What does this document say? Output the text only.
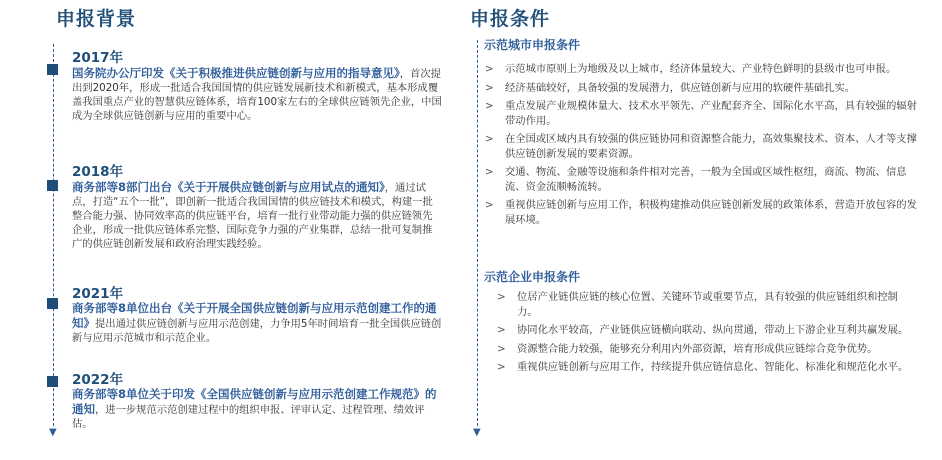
申报背景	申报条件
▼	▼
2017年
国务院办公厅印发《关于积极推进供应链创新与应用的指导意见》，首次提出到2020年，形成一批适合我国国情的供应链发展新技术和新模式，基本形成覆盖我国重点产业的智慧供应链体系，培育100家左右的全球供应链领先企业，中国成为全球供应链创新与应用的重要中心。
2018年
商务部等8部门出台《关于开展供应链创新与应用试点的通知》，通过试点，打造“五个一批”，即创新一批适合我国国情的供应链技术和模式，构建一批整合能力强、协同效率高的供应链平台，培育一批行业带动能力强的供应链领先企业，形成一批供应链体系完整、国际竞争力强的产业集群，总结一批可复制推广的供应链创新发展和政府治理实践经验。
2021年
商务部等8单位出台《关于开展全国供应链创新与应用示范创建工作的通知》提出通过供应链创新与应用示范创建，力争用5年时间培育一批全国供应链创新与应用示范城市和示范企业。
2022年
商务部等8单位关于印发《全国供应链创新与应用示范创建工作规范》的通知，进一步规范示范创建过程中的组织申报、评审认定、过程管理、绩效评估。
示范城市申报条件
> 示范城市原则上为地级及以上城市，经济体量较大、产业特色鲜明的县级市也可申报。
> 经济基础较好，具备较强的发展潜力，供应链创新与应用的软硬件基础扎实。
> 重点发展产业规模体量大、技术水平领先、产业配套齐全、国际化水平高，具有较强的辐射带动作用。
> 在全国或区域内具有较强的供应链协同和资源整合能力，高效集聚技术、资本、人才等支撑供应链创新发展的要素资源。
> 交通、物流、金融等设施和条件相对完善，一般为全国或区域性枢纽，商流、物流、信息流、资金流顺畅流转。
> 重视供应链创新与应用工作，积极构建推动供应链创新发展的政策体系，营造开放包容的发展环境。
示范企业申报条件
> 位居产业链供应链的核心位置、关键环节或重要节点，具有较强的供应链组织和控制力。
> 协同化水平较高，产业链供应链横向联动、纵向贯通，带动上下游企业互利共赢发展。
> 资源整合能力较强，能够充分利用内外部资源，培育形成供应链综合竞争优势。
> 重视供应链创新与应用工作，持续提升供应链信息化、智能化、标准化和规范化水平。
